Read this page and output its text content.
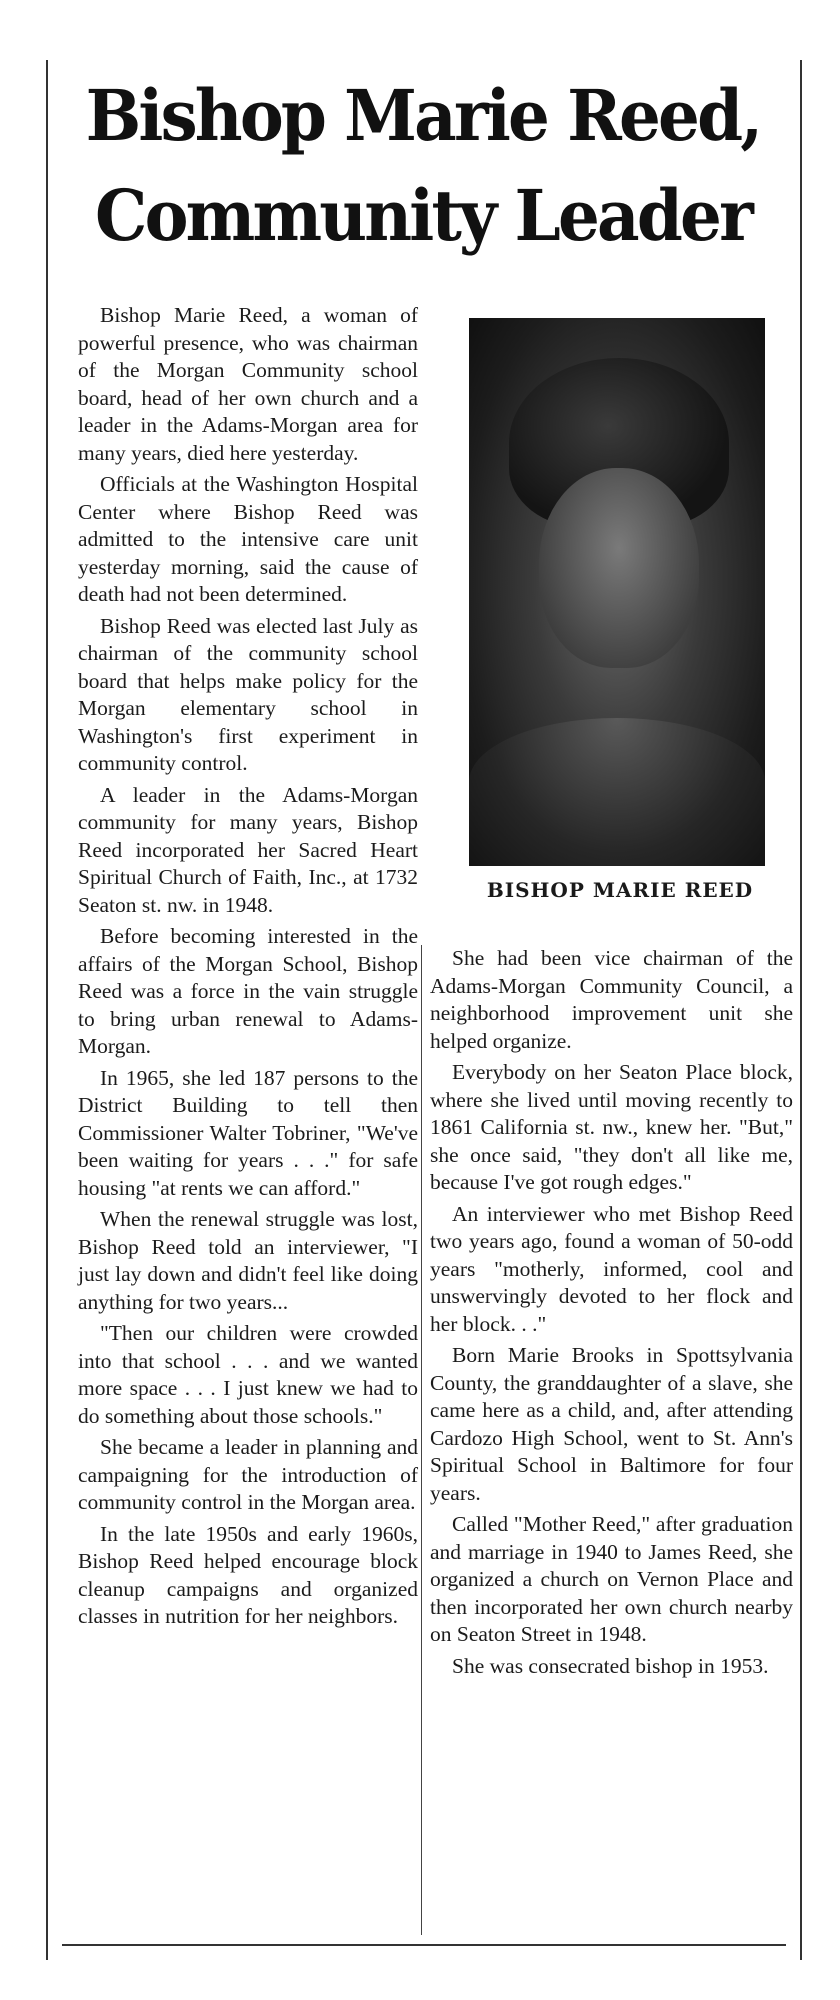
Bishop Marie Reed,
Community Leader

Bishop Marie Reed, a woman of powerful presence, who was chairman of the Morgan Community school board, head of her own church and a leader in the Adams-Morgan area for many years, died here yesterday.

Officials at the Washington Hospital Center where Bishop Reed was admitted to the intensive care unit yesterday morning, said the cause of death had not been determined.

Bishop Reed was elected last July as chairman of the community school board that helps make policy for the Morgan elementary school in Washington's first experiment in community control.

A leader in the Adams-Morgan community for many years, Bishop Reed incorporated her Sacred Heart Spiritual Church of Faith, Inc., at 1732 Seaton st. nw. in 1948.

Before becoming interested in the affairs of the Morgan School, Bishop Reed was a force in the vain struggle to bring urban renewal to Adams-Morgan.

In 1965, she led 187 persons to the District Building to tell then Commissioner Walter Tobriner, "We've been waiting for years . . ." for safe housing "at rents we can afford."

When the renewal struggle was lost, Bishop Reed told an interviewer, "I just lay down and didn't feel like doing anything for two years...

"Then our children were crowded into that school . . . and we wanted more space . . . I just knew we had to do something about those schools."

She became a leader in planning and campaigning for the introduction of community control in the Morgan area.

In the late 1950s and early 1960s, Bishop Reed helped encourage block cleanup campaigns and organized classes in nutrition for her neighbors.

BISHOP MARIE REED

She had been vice chairman of the Adams-Morgan Community Council, a neighborhood improvement unit she helped organize.

Everybody on her Seaton Place block, where she lived until moving recently to 1861 California st. nw., knew her. "But," she once said, "they don't all like me, because I've got rough edges."

An interviewer who met Bishop Reed two years ago, found a woman of 50-odd years "motherly, informed, cool and unswervingly devoted to her flock and her block. . ."

Born Marie Brooks in Spottsylvania County, the granddaughter of a slave, she came here as a child, and, after attending Cardozo High School, went to St. Ann's Spiritual School in Baltimore for four years.

Called "Mother Reed," after graduation and marriage in 1940 to James Reed, she organized a church on Vernon Place and then incorporated her own church nearby on Seaton Street in 1948.

She was consecrated bishop in 1953.
